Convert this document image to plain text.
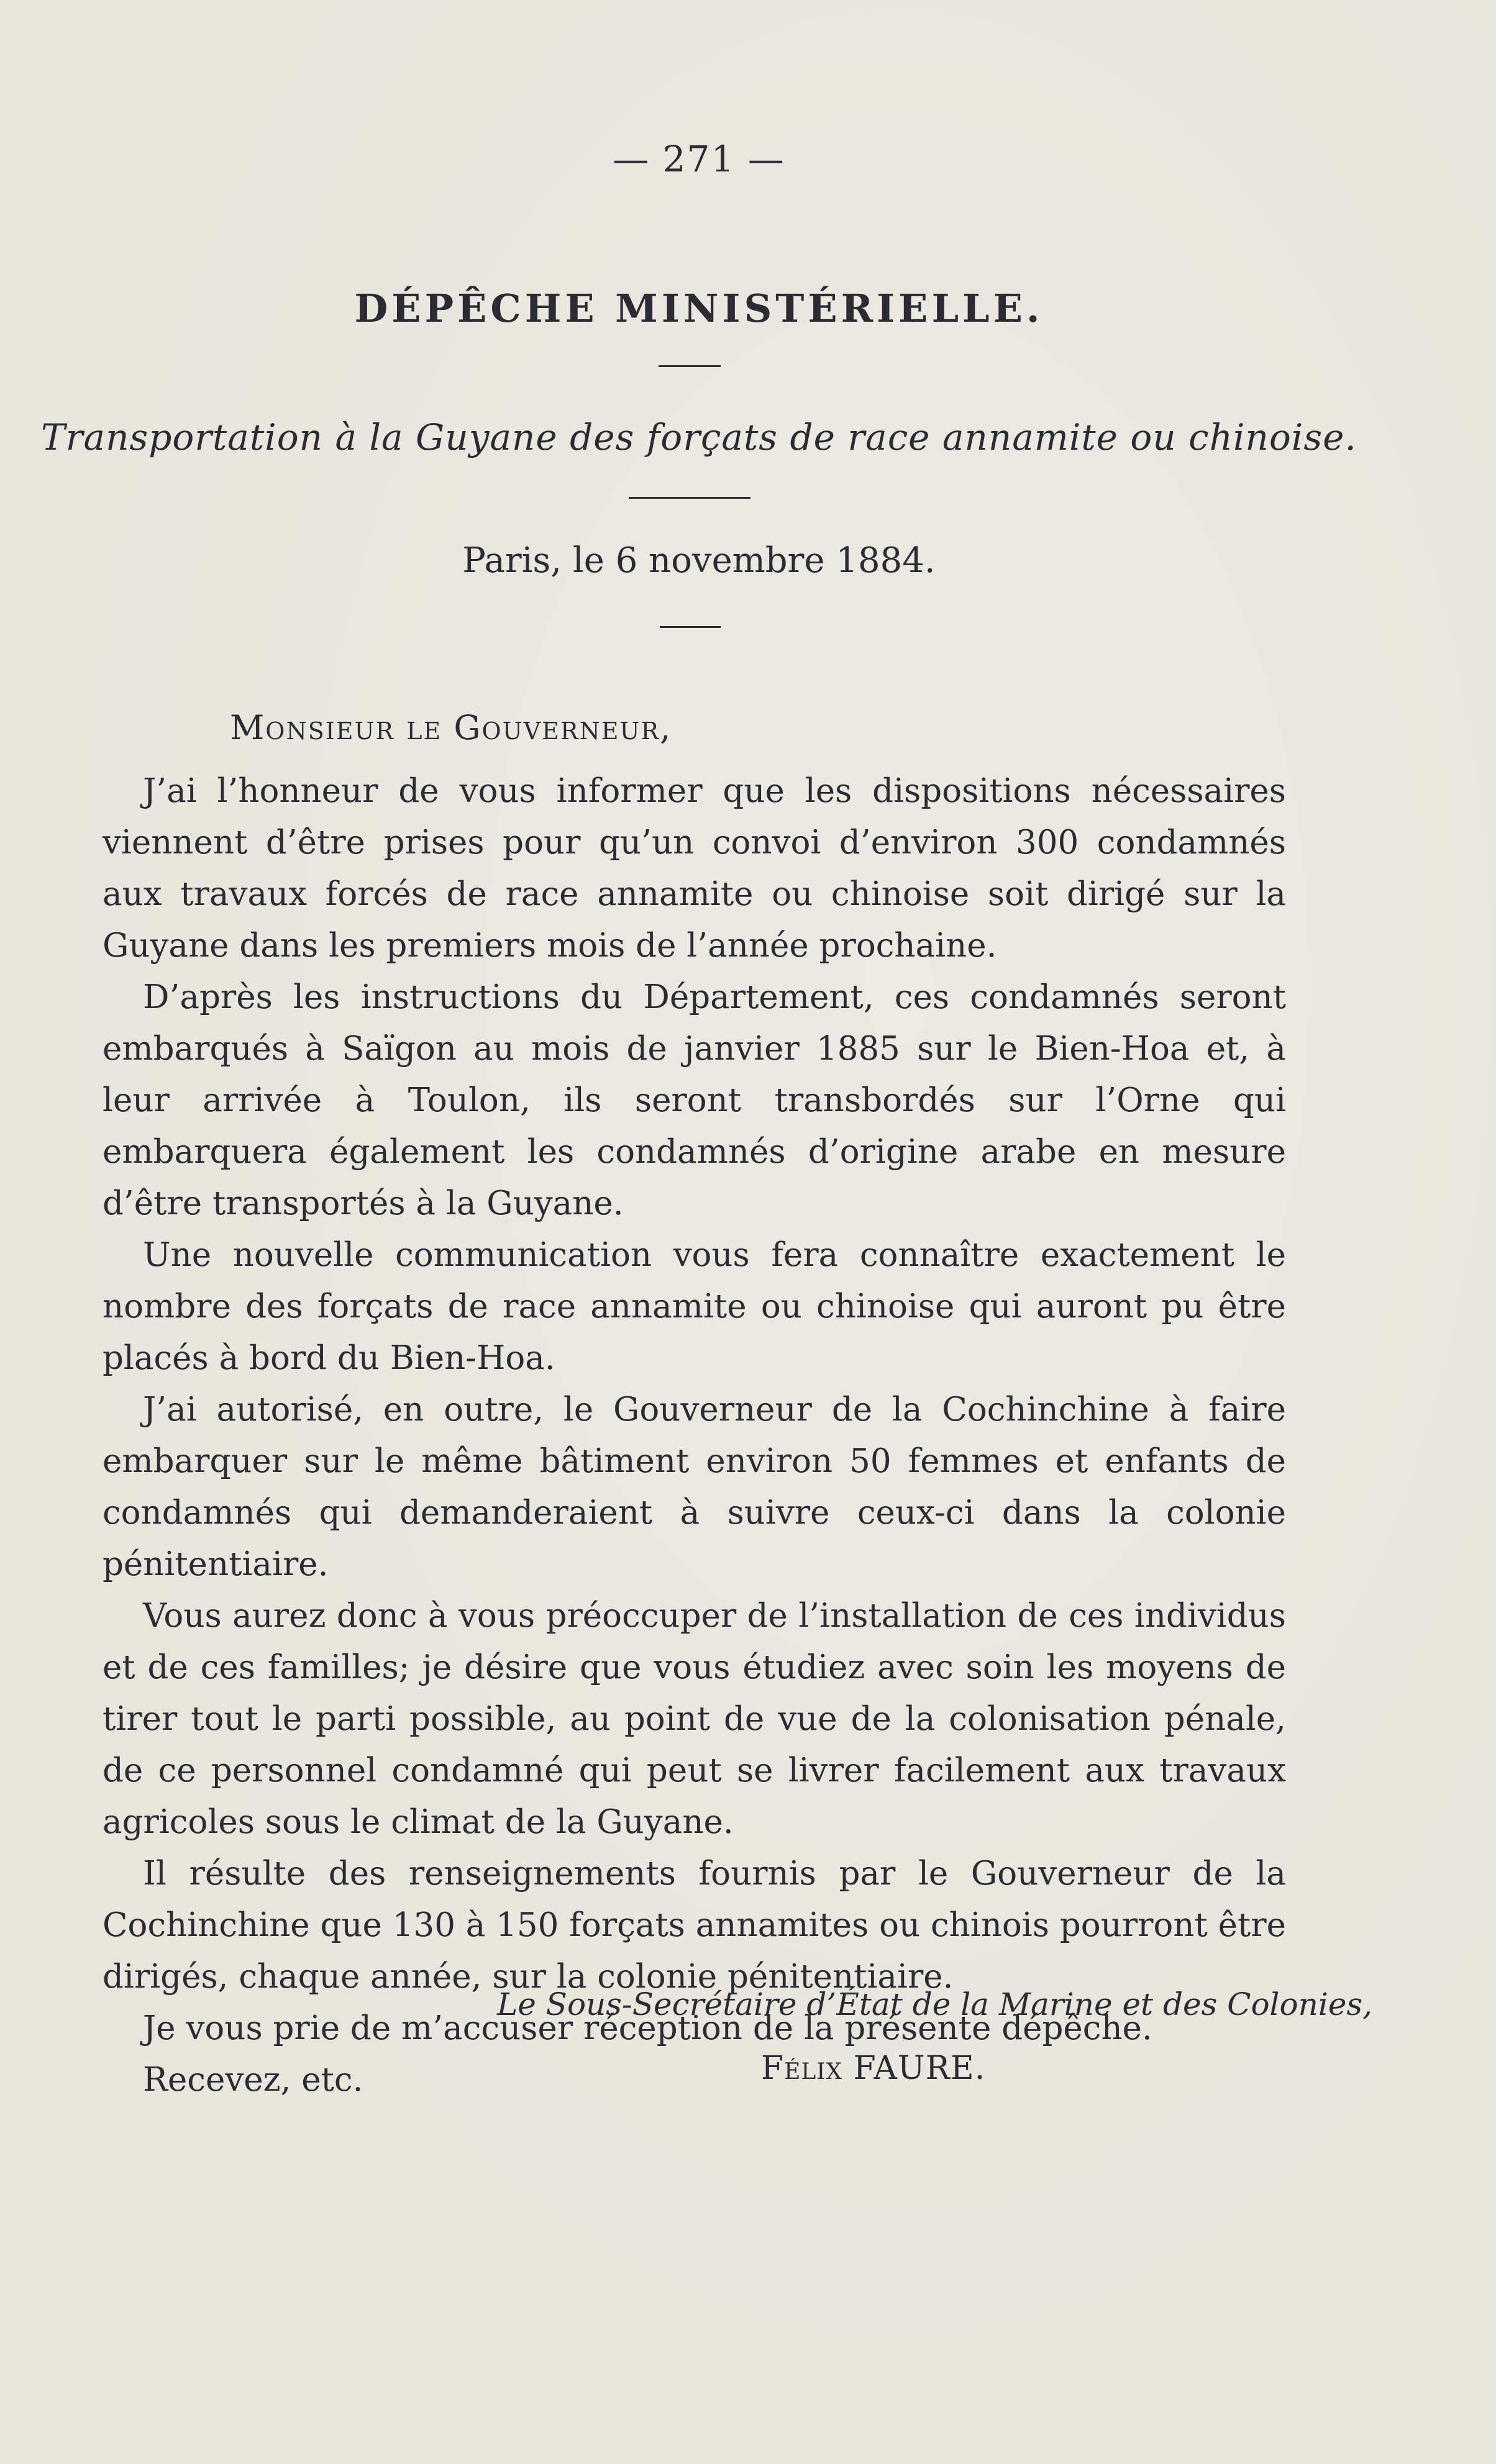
— 271 —
DÉPÊCHE MINISTÉRIELLE.
Transportation à la Guyane des forçats de race annamite ou chinoise.
Paris, le 6 novembre 1884.
Monsieur le Gouverneur,

J’ai l’honneur de vous informer que les dispositions nécessaires viennent d’être prises pour qu’un convoi d’environ 300 condamnés aux travaux forcés de race annamite ou chinoise soit dirigé sur la Guyane dans les premiers mois de l’année prochaine.

D’après les instructions du Département, ces condamnés seront embarqués à Saïgon au mois de janvier 1885 sur le Bien-Hoa et, à leur arrivée à Toulon, ils seront transbordés sur l’Orne qui embarquera également les condamnés d’origine arabe en mesure d’être transportés à la Guyane.

Une nouvelle communication vous fera connaître exactement le nombre des forçats de race annamite ou chinoise qui auront pu être placés à bord du Bien-Hoa.

J’ai autorisé, en outre, le Gouverneur de la Cochinchine à faire embarquer sur le même bâtiment environ 50 femmes et enfants de condamnés qui demanderaient à suivre ceux-ci dans la colonie pénitentiaire.

Vous aurez donc à vous préoccuper de l’installation de ces individus et de ces familles; je désire que vous étudiez avec soin les moyens de tirer tout le parti possible, au point de vue de la colonisation pénale, de ce personnel condamné qui peut se livrer facilement aux travaux agricoles sous le climat de la Guyane.

Il résulte des renseignements fournis par le Gouverneur de la Cochinchine que 130 à 150 forçats annamites ou chinois pourront être dirigés, chaque année, sur la colonie pénitentiaire.

Je vous prie de m’accuser réception de la présente dépêche.

Recevez, etc.

Le Sous-Secrétaire d’État de la Marine et des Colonies,
Félix FAURE.
